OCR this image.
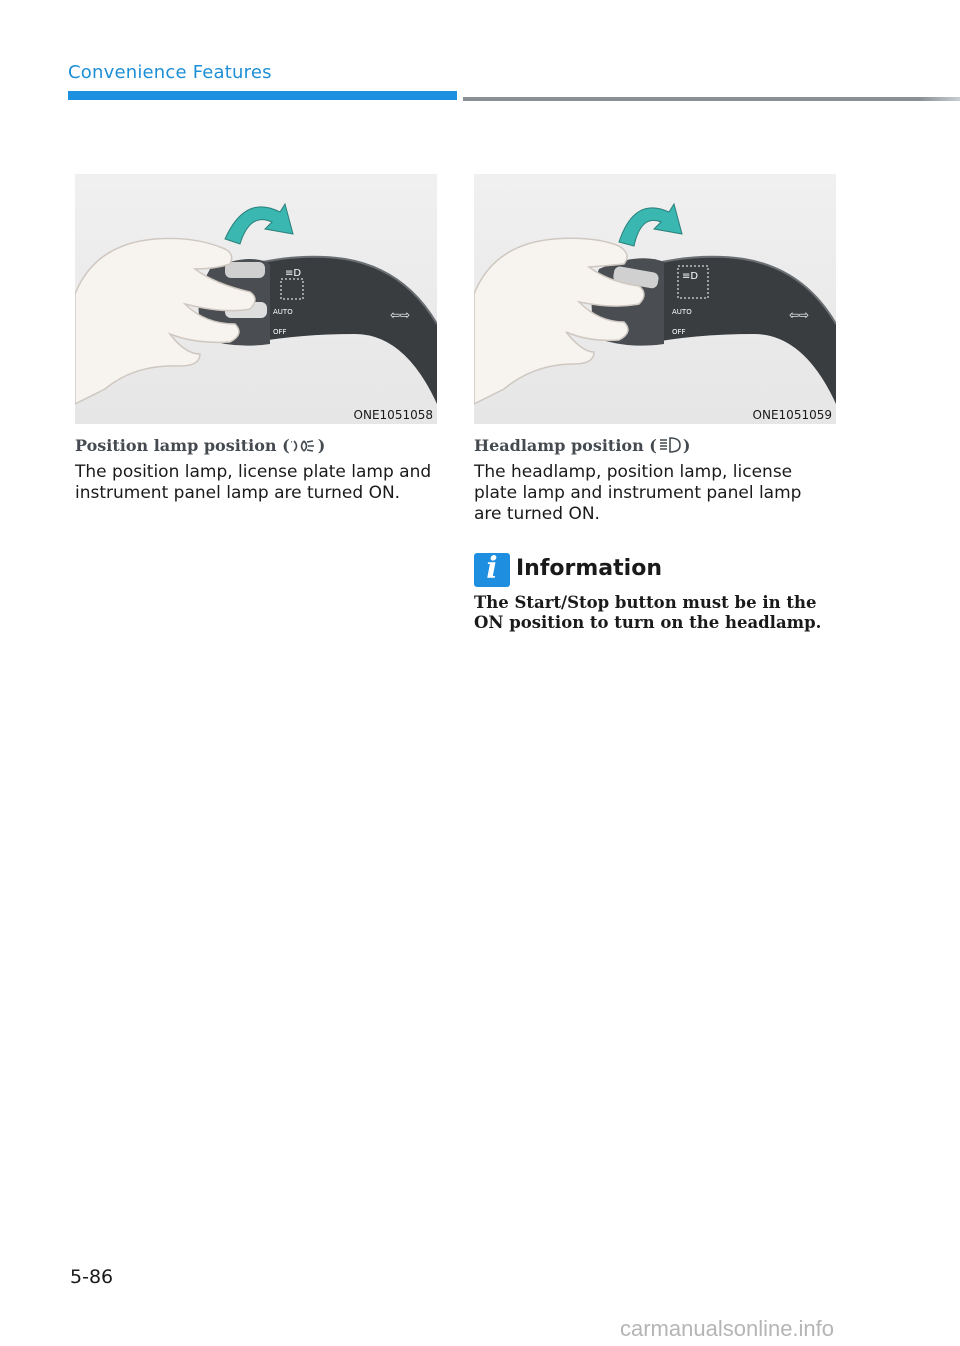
Convenience Features
AUTO
OFF
≡D
⇦⇨
ONE1051058
AUTO
OFF
≡D
⇦⇨
ONE1051059
Position lamp position ( )
The position lamp, license plate lamp and instrument panel lamp are turned ON.
Headlamp position ( )
The headlamp, position lamp, license plate lamp and instrument panel lamp are turned ON.
i Information
The Start/Stop button must be in the ON position to turn on the headlamp.
5-86
carmanualsonline.info
